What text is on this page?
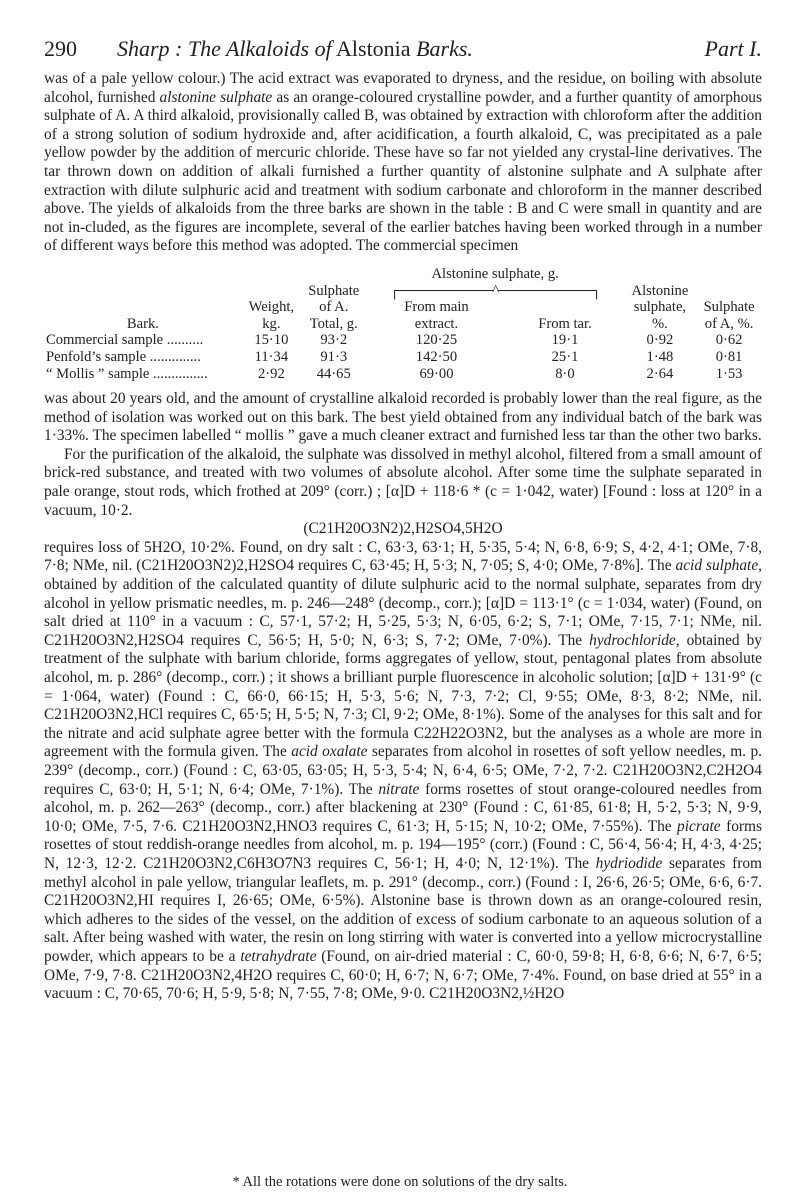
290 Sharp : The Alkaloids of Alstonia Barks.	Part I.

was of a pale yellow colour.) The acid extract was evaporated to dryness, and the residue, on boiling with absolute alcohol, furnished alstonine sulphate as an orange-coloured crystalline powder, and a further quantity of amorphous sulphate of A. A third alkaloid, provisionally called B, was obtained by extraction with chloroform after the addition of a strong solution of sodium hydroxide and, after acidification, a fourth alkaloid, C, was precipitated as a pale yellow powder by the addition of mercuric chloride. These have so far not yielded any crystal-line derivatives. The tar thrown down on addition of alkali furnished a further quantity of alstonine sulphate and A sulphate after extraction with dilute sulphuric acid and treatment with sodium carbonate and chloroform in the manner described above. The yields of alkaloids from the three barks are shown in the table : B and C were small in quantity and are not in-cluded, as the figures are incomplete, several of the earlier batches having been worked through in a number of different ways before this method was adopted. The commercial specimen

			Alstonine sulphate, g.			
		Sulphate	┌──────────^──────────┐		Alstonine	
	Weight,	of A.	From main		sulphate,	Sulphate
Bark.	kg.	Total, g.	extract.	From tar.	%.	of A, %.
Commercial sample ..........	15·10	93·2	120·25	19·1	0·92	0·62
Penfold’s sample ..............	11·34	91·3	142·50	25·1	1·48	0·81
“ Mollis ” sample ...............	2·92	44·65	69·00	8·0	2·64	1·53

was about 20 years old, and the amount of crystalline alkaloid recorded is probably lower than the real figure, as the method of isolation was worked out on this bark. The best yield obtained from any individual batch of the bark was 1·33%. The specimen labelled “ mollis ” gave a much cleaner extract and furnished less tar than the other two barks.

For the purification of the alkaloid, the sulphate was dissolved in methyl alcohol, filtered from a small amount of brick-red substance, and treated with two volumes of absolute alcohol. After some time the sulphate separated in pale orange, stout rods, which frothed at 209° (corr.) ; [α]D + 118·6 * (c = 1·042, water) [Found : loss at 120° in a vacuum, 10·2.

(C21H20O3N2)2,H2SO4,5H2O

requires loss of 5H2O, 10·2%. Found, on dry salt : C, 63·3, 63·1; H, 5·35, 5·4; N, 6·8, 6·9; S, 4·2, 4·1; OMe, 7·8, 7·8; NMe, nil. (C21H20O3N2)2,H2SO4 requires C, 63·45; H, 5·3; N, 7·05; S, 4·0; OMe, 7·8%]. The acid sulphate, obtained by addition of the calculated quantity of dilute sulphuric acid to the normal sulphate, separates from dry alcohol in yellow prismatic needles, m. p. 246—248° (decomp., corr.); [α]D = 113·1° (c = 1·034, water) (Found, on salt dried at 110° in a vacuum : C, 57·1, 57·2; H, 5·25, 5·3; N, 6·05, 6·2; S, 7·1; OMe, 7·15, 7·1; NMe, nil. C21H20O3N2,H2SO4 requires C, 56·5; H, 5·0; N, 6·3; S, 7·2; OMe, 7·0%). The hydrochloride, obtained by treatment of the sulphate with barium chloride, forms aggregates of yellow, stout, pentagonal plates from absolute alcohol, m. p. 286° (decomp., corr.) ; it shows a brilliant purple fluorescence in alcoholic solution; [α]D + 131·9° (c = 1·064, water) (Found : C, 66·0, 66·15; H, 5·3, 5·6; N, 7·3, 7·2; Cl, 9·55; OMe, 8·3, 8·2; NMe, nil. C21H20O3N2,HCl requires C, 65·5; H, 5·5; N, 7·3; Cl, 9·2; OMe, 8·1%). Some of the analyses for this salt and for the nitrate and acid sulphate agree better with the formula C22H22O3N2, but the analyses as a whole are more in agreement with the formula given. The acid oxalate separates from alcohol in rosettes of soft yellow needles, m. p. 239° (decomp., corr.) (Found : C, 63·05, 63·05; H, 5·3, 5·4; N, 6·4, 6·5; OMe, 7·2, 7·2. C21H20O3N2,C2H2O4 requires C, 63·0; H, 5·1; N, 6·4; OMe, 7·1%). The nitrate forms rosettes of stout orange-coloured needles from alcohol, m. p. 262—263° (decomp., corr.) after blackening at 230° (Found : C, 61·85, 61·8; H, 5·2, 5·3; N, 9·9, 10·0; OMe, 7·5, 7·6. C21H20O3N2,HNO3 requires C, 61·3; H, 5·15; N, 10·2; OMe, 7·55%). The picrate forms rosettes of stout reddish-orange needles from alcohol, m. p. 194—195° (corr.) (Found : C, 56·4, 56·4; H, 4·3, 4·25; N, 12·3, 12·2. C21H20O3N2,C6H3O7N3 requires C, 56·1; H, 4·0; N, 12·1%). The hydriodide separates from methyl alcohol in pale yellow, triangular leaflets, m. p. 291° (decomp., corr.) (Found : I, 26·6, 26·5; OMe, 6·6, 6·7. C21H20O3N2,HI requires I, 26·65; OMe, 6·5%). Alstonine base is thrown down as an orange-coloured resin, which adheres to the sides of the vessel, on the addition of excess of sodium carbonate to an aqueous solution of a salt. After being washed with water, the resin on long stirring with water is converted into a yellow microcrystalline powder, which appears to be a tetrahydrate (Found, on air-dried material : C, 60·0, 59·8; H, 6·8, 6·6; N, 6·7, 6·5; OMe, 7·9, 7·8. C21H20O3N2,4H2O requires C, 60·0; H, 6·7; N, 6·7; OMe, 7·4%. Found, on base dried at 55° in a vacuum : C, 70·65, 70·6; H, 5·9, 5·8; N, 7·55, 7·8; OMe, 9·0. C21H20O3N2,½H2O

* All the rotations were done on solutions of the dry salts.
